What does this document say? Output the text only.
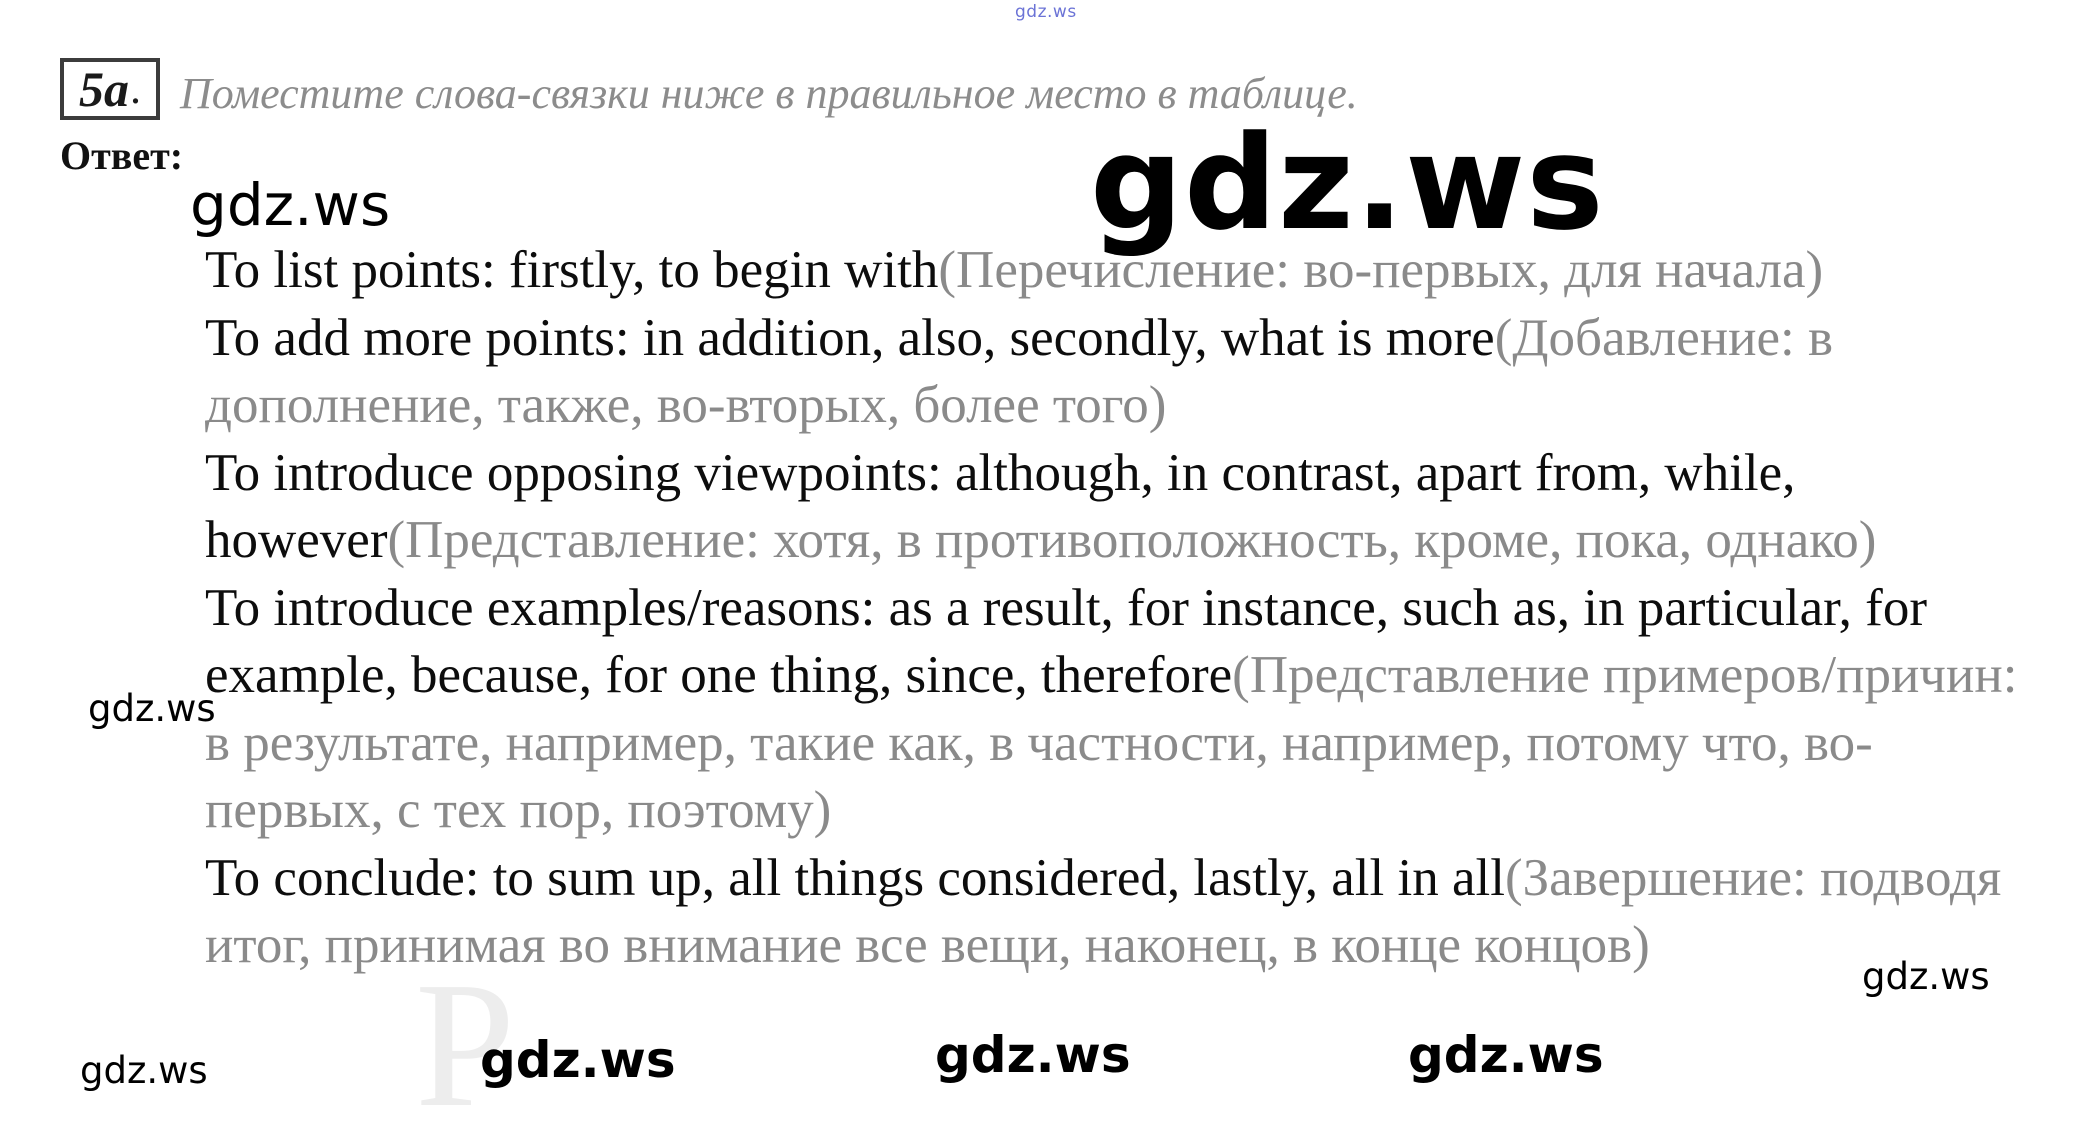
P
gdz.ws
5a . Поместите слова-связки ниже в правильное место в таблице.
Ответ:	gdz.ws
gdz.ws

To list points: firstly, to begin with(Перечисление: во-первых, для начала)

To add more points: in addition, also, secondly, what is more(Добавление: в дополнение, также, во-вторых, более того)

To introduce opposing viewpoints: although, in contrast, apart from, while, however(Представление: хотя, в противоположность, кроме, пока, однако)

To introduce examples/reasons: as a result, for instance, such as, in particular, for example, because, for one thing, since, therefore(Представление примеров/причин: в результате, например, такие как, в частности, например, потому что, во-первых, с тех пор, поэтому)

To conclude: to sum up, all things considered, lastly, all in all(Завершение: подводя итог, принимая во внимание все вещи, наконец, в конце концов)

gdz.ws
gdz.ws
gdz.ws	gdz.ws	gdz.ws	gdz.ws
